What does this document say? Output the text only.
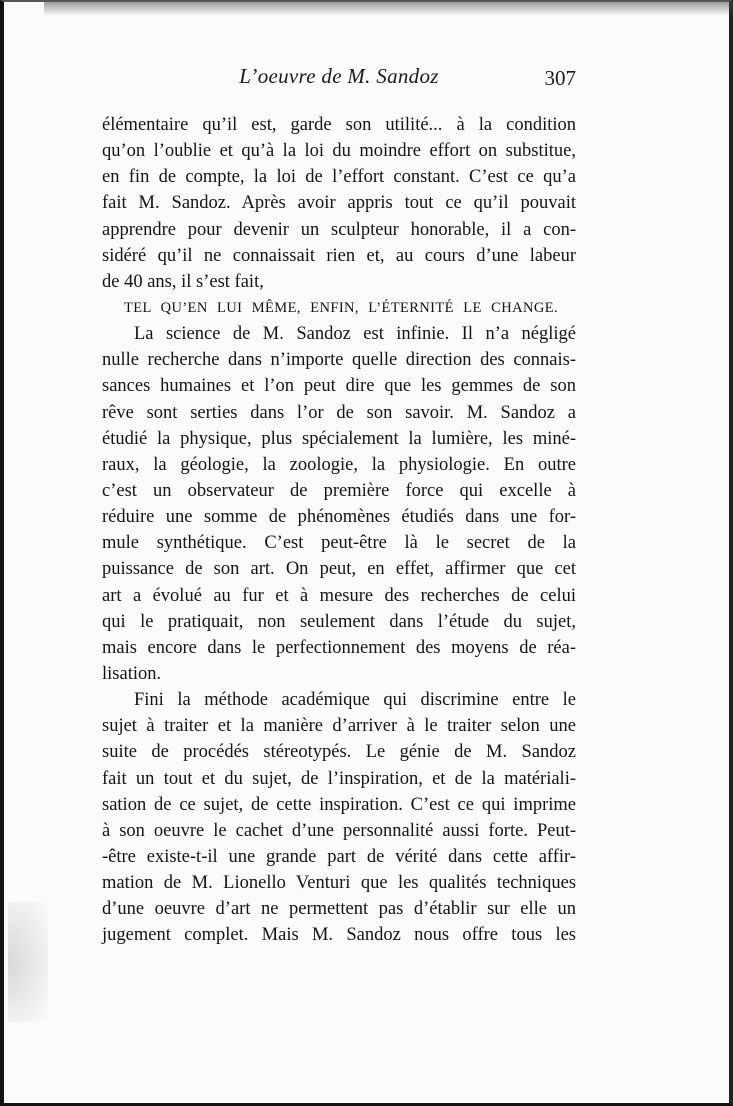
L’oeuvre de M. Sandoz	307
élémentaire qu’il est, garde son utilité... à la condition
qu’on l’oublie et qu’à la loi du moindre effort on substitue,
en fin de compte, la loi de l’effort constant. C’est ce qu’a
fait M. Sandoz. Après avoir appris tout ce qu’il pouvait
apprendre pour devenir un sculpteur honorable, il a con-
sidéré qu’il ne connaissait rien et, au cours d’une labeur
de 40 ans, il s’est fait,
TEL QU’EN LUI MÊME, ENFIN, L’ÉTERNITÉ LE CHANGE.
La science de M. Sandoz est infinie. Il n’a négligé
nulle recherche dans n’importe quelle direction des connais-
sances humaines et l’on peut dire que les gemmes de son
rêve sont serties dans l’or de son savoir. M. Sandoz a
étudié la physique, plus spécialement la lumière, les miné-
raux, la géologie, la zoologie, la physiologie. En outre
c’est un observateur de première force qui excelle à
réduire une somme de phénomènes étudiés dans une for-
mule synthétique. C’est peut-être là le secret de la
puissance de son art. On peut, en effet, affirmer que cet
art a évolué au fur et à mesure des recherches de celui
qui le pratiquait, non seulement dans l’étude du sujet,
mais encore dans le perfectionnement des moyens de réa-
lisation.
Fini la méthode académique qui discrimine entre le
sujet à traiter et la manière d’arriver à le traiter selon une
suite de procédés stéreotypés. Le génie de M. Sandoz
fait un tout et du sujet, de l’inspiration, et de la matériali-
sation de ce sujet, de cette inspiration. C’est ce qui imprime
à son oeuvre le cachet d’une personnalité aussi forte. Peut-
-être existe-t-il une grande part de vérité dans cette affir-
mation de M. Lionello Venturi que les qualités techniques
d’une oeuvre d’art ne permettent pas d’établir sur elle un
jugement complet. Mais M. Sandoz nous offre tous les
